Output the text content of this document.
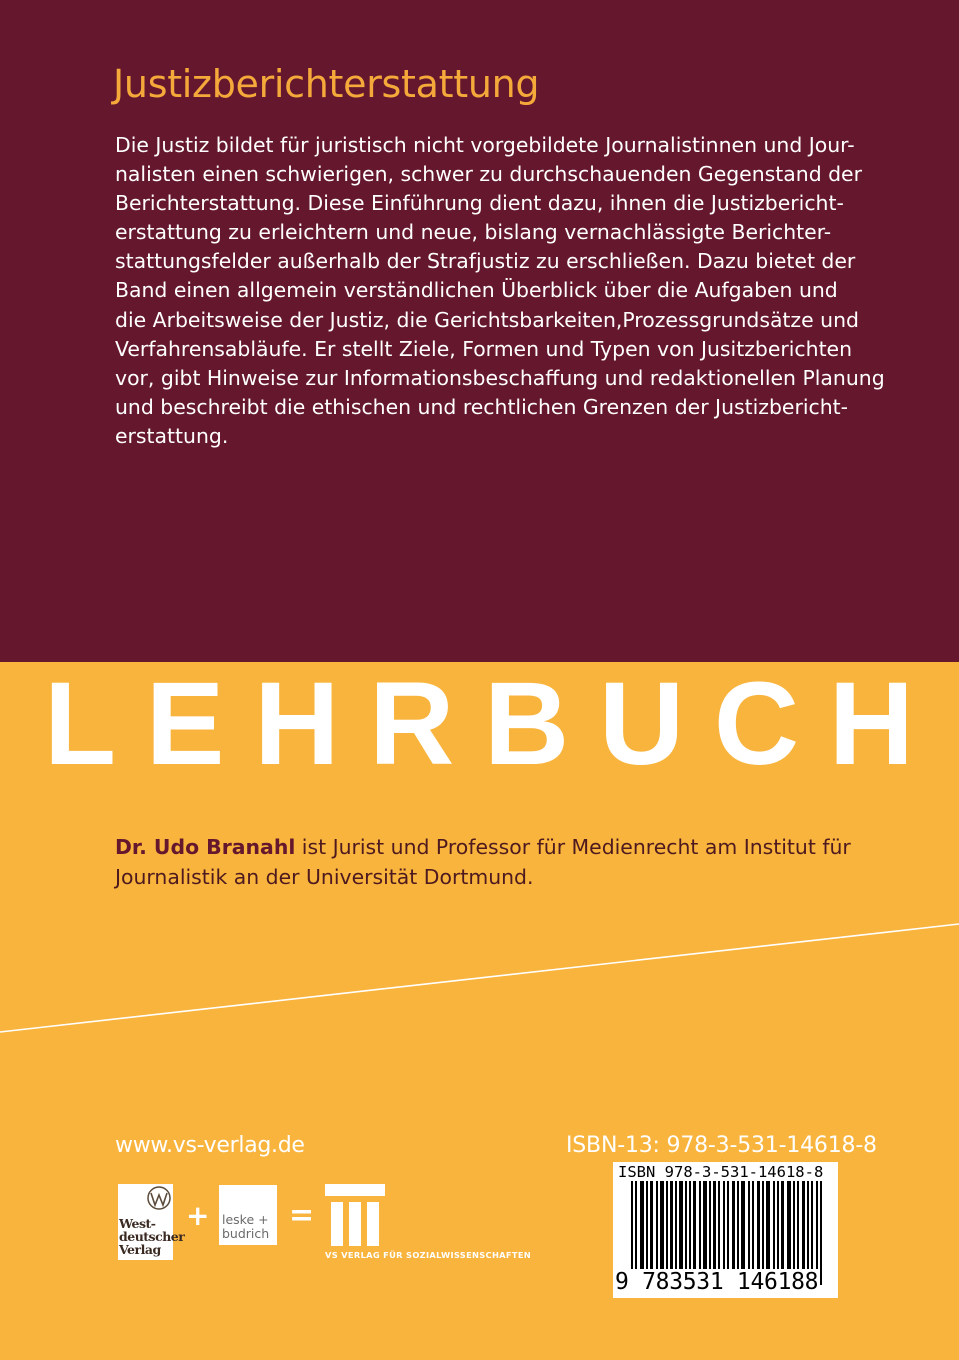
Justizberichterstattung
Die Justiz bildet für juristisch nicht vorgebildete Journalistinnen und Jour-
nalisten einen schwierigen, schwer zu durchschauenden Gegenstand der
Berichterstattung. Diese Einführung dient dazu, ihnen die Justizbericht-
erstattung zu erleichtern und neue, bislang vernachlässigte Berichter-
stattungsfelder außerhalb der Strafjustiz zu erschließen. Dazu bietet der
Band einen allgemein verständlichen Überblick über die Aufgaben und
die Arbeitsweise der Justiz, die Gerichtsbarkeiten,Prozessgrundsätze und
Verfahrensabläufe. Er stellt Ziele, Formen und Typen von Jusitzberichten
vor, gibt Hinweise zur Informationsbeschaffung und redaktionellen Planung
und beschreibt die ethischen und rechtlichen Grenzen der Justizbericht-
erstattung.
LEHRBUCH
Dr. Udo Branahl ist Jurist und Professor für Medienrecht am Institut für
Journalistik an der Universität Dortmund.
www.vs-verlag.de	ISBN-13: 978-3-531-14618-8
ISBN 978-3-531-14618-8
9 783531 146188
West-
deutscher
Verlag
+ leske +
budrich
=
VS VERLAG FÜR SOZIALWISSENSCHAFTEN
